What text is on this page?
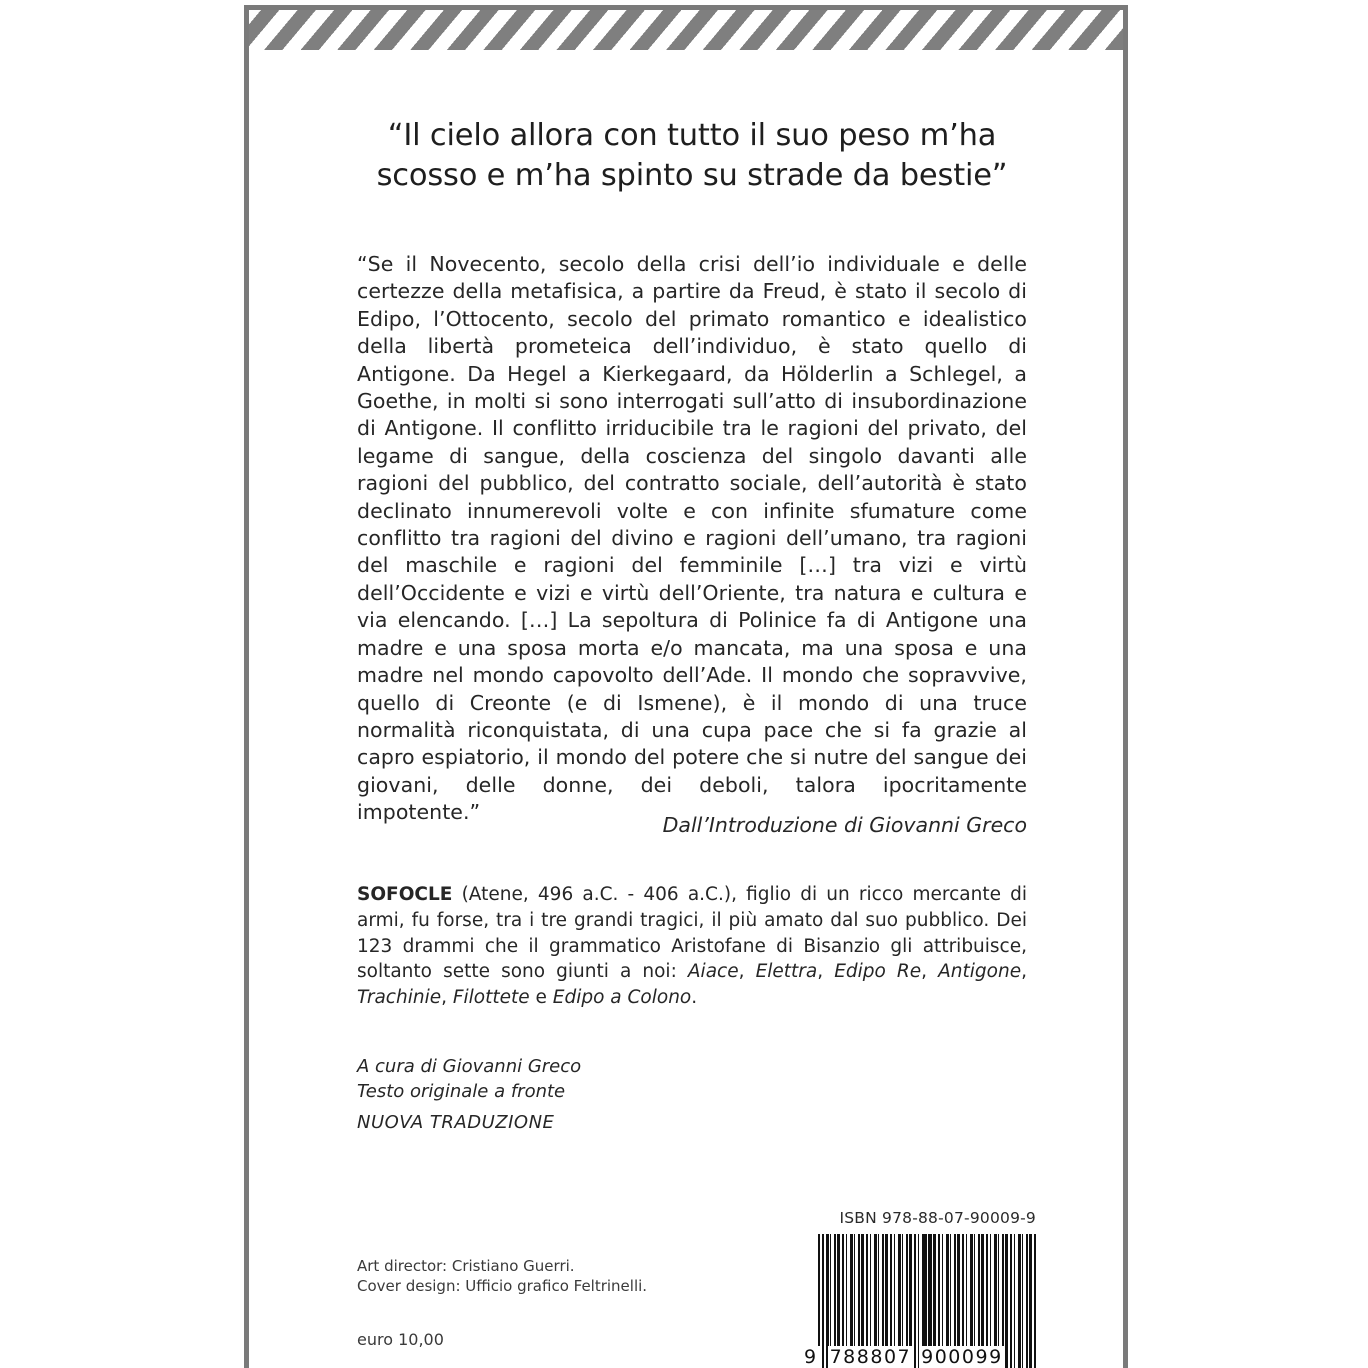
“Il cielo allora con tutto il suo peso m’ha
scosso e m’ha spinto su strade da bestie”
“Se il Novecento, secolo della crisi dell’io individuale e delle certezze della metafisica, a partire da Freud, è stato il secolo di Edipo, l’Ottocento, secolo del primato romantico e idealistico della libertà prometeica dell’individuo, è stato quello di Antigone. Da Hegel a Kierkegaard, da Hölderlin a Schlegel, a Goethe, in molti si sono interrogati sull’atto di insubordinazione di Antigone. Il conflitto irriducibile tra le ragioni del privato, del legame di sangue, della coscienza del singolo davanti alle ragioni del pubblico, del contratto sociale, dell’autorità è stato declinato innumerevoli volte e con infinite sfumature come conflitto tra ragioni del divino e ragioni dell’umano, tra ragioni del maschile e ragioni del femminile […] tra vizi e virtù dell’Occidente e vizi e virtù dell’Oriente, tra natura e cultura e via elencando. […] La sepoltura di Polinice fa di Antigone una madre e una sposa morta e/o mancata, ma una sposa e una madre nel mondo capovolto dell’Ade. Il mondo che sopravvive, quello di Creonte (e di Ismene), è il mondo di una truce normalità riconquistata, di una cupa pace che si fa grazie al capro espiatorio, il mondo del potere che si nutre del sangue dei giovani, delle donne, dei deboli, talora ipocritamente impotente.”
Dall’Introduzione di Giovanni Greco
SOFOCLE (Atene, 496 a.C. - 406 a.C.), figlio di un ricco mercante di armi, fu forse, tra i tre grandi tragici, il più amato dal suo pubblico. Dei 123 drammi che il grammatico Aristofane di Bisanzio gli attribuisce, soltanto sette sono giunti a noi: Aiace, Elettra, Edipo Re, Antigone, Trachinie, Filottete e Edipo a Colono.
A cura di Giovanni Greco
Testo originale a fronte
NUOVA TRADUZIONE
Art director: Cristiano Guerri.
Cover design: Ufficio grafico Feltrinelli.
euro 10,00
ISBN 978-88-07-90009-9
9 788807 900099
